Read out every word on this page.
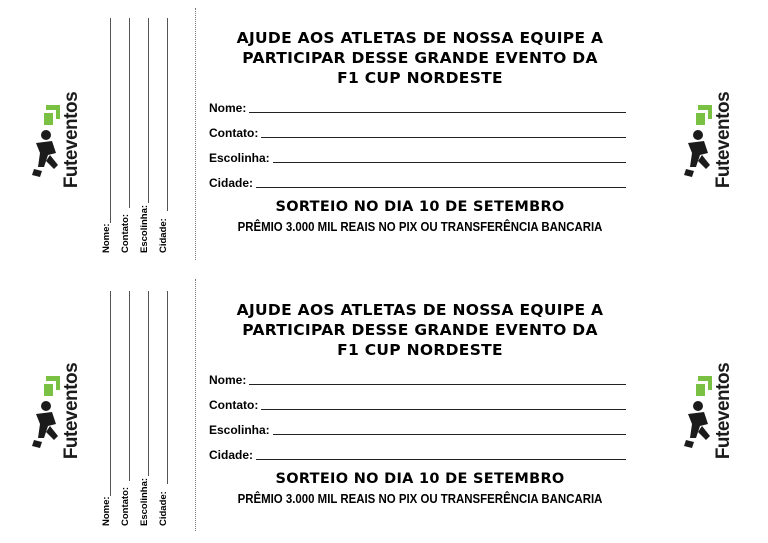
Futeventos
Nome: Contato: Escolinha: Cidade:
AJUDE AOS ATLETAS DE NOSSA EQUIPE A
PARTICIPAR DESSE GRANDE EVENTO DA
F1 CUP NORDESTE
Nome:
Contato:
Escolinha:
Cidade:
SORTEIO NO DIA 10 DE SETEMBRO
PRÊMIO 3.000 MIL REAIS NO PIX OU TRANSFERÊNCIA BANCARIA
Futeventos
Futeventos
Nome: Contato: Escolinha: Cidade:
AJUDE AOS ATLETAS DE NOSSA EQUIPE A
PARTICIPAR DESSE GRANDE EVENTO DA
F1 CUP NORDESTE
Nome:
Contato:
Escolinha:
Cidade:
SORTEIO NO DIA 10 DE SETEMBRO
PRÊMIO 3.000 MIL REAIS NO PIX OU TRANSFERÊNCIA BANCARIA
Futeventos
